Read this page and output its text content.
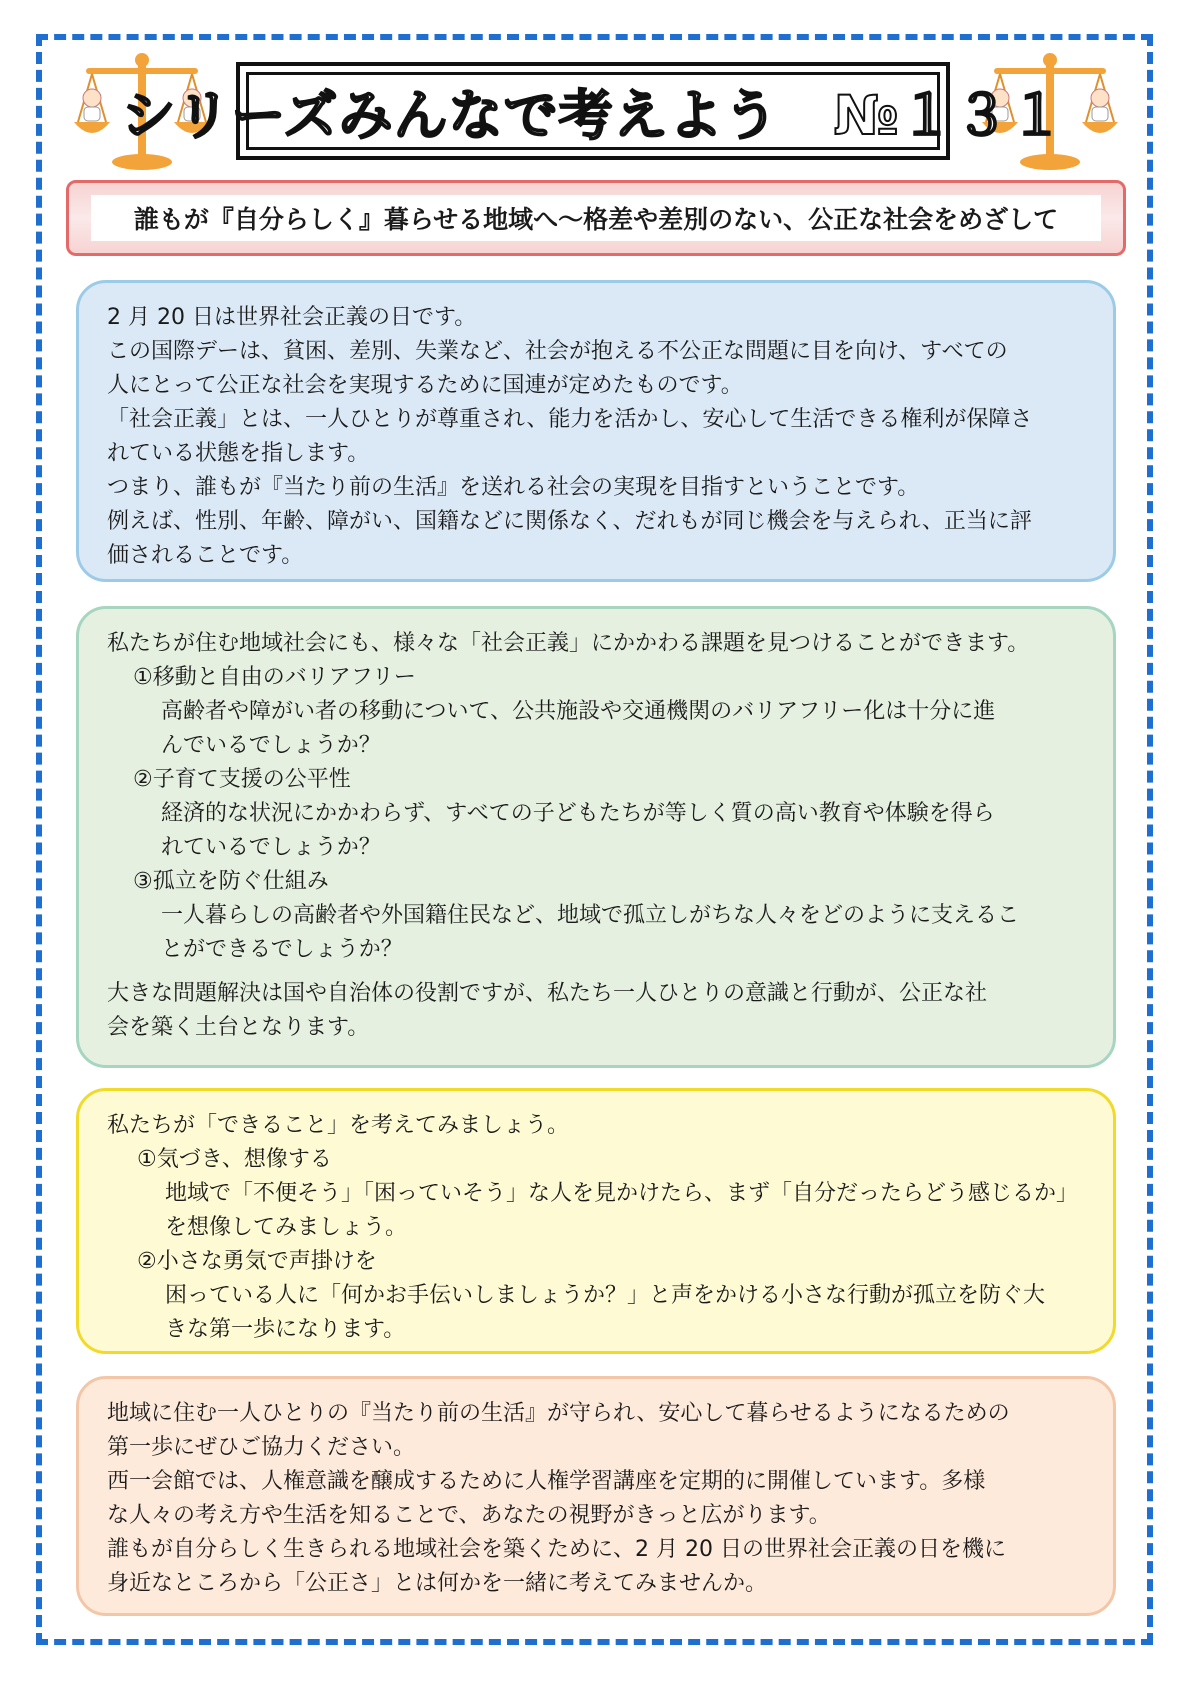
シリーズみんなで考えよう　№１３１
誰もが『自分らしく』暮らせる地域へ～格差や差別のない、公正な社会をめざして

2 月 20 日は世界社会正義の日です。

この国際デーは、貧困、差別、失業など、社会が抱える不公正な問題に目を向け、すべての

人にとって公正な社会を実現するために国連が定めたものです。

「社会正義」とは、一人ひとりが尊重され、能力を活かし、安心して生活できる権利が保障さ

れている状態を指します。

つまり、誰もが『当たり前の生活』を送れる社会の実現を目指すということです。

例えば、性別、年齢、障がい、国籍などに関係なく、だれもが同じ機会を与えられ、正当に評

価されることです。

私たちが住む地域社会にも、様々な「社会正義」にかかわる課題を見つけることができます。

①移動と自由のバリアフリー

高齢者や障がい者の移動について、公共施設や交通機関のバリアフリー化は十分に進

んでいるでしょうか？

②子育て支援の公平性

経済的な状況にかかわらず、すべての子どもたちが等しく質の高い教育や体験を得ら

れているでしょうか？

③孤立を防ぐ仕組み

一人暮らしの高齢者や外国籍住民など、地域で孤立しがちな人々をどのように支えるこ

とができるでしょうか？

大きな問題解決は国や自治体の役割ですが、私たち一人ひとりの意識と行動が、公正な社

会を築く土台となります。

私たちが「できること」を考えてみましょう。

①気づき、想像する

地域で「不便そう」「困っていそう」な人を見かけたら、まず「自分だったらどう感じるか」

を想像してみましょう。

②小さな勇気で声掛けを

困っている人に「何かお手伝いしましょうか？」と声をかける小さな行動が孤立を防ぐ大

きな第一歩になります。

地域に住む一人ひとりの『当たり前の生活』が守られ、安心して暮らせるようになるための

第一歩にぜひご協力ください。

西一会館では、人権意識を醸成するために人権学習講座を定期的に開催しています。多様

な人々の考え方や生活を知ることで、あなたの視野がきっと広がります。

誰もが自分らしく生きられる地域社会を築くために、2 月 20 日の世界社会正義の日を機に

身近なところから「公正さ」とは何かを一緒に考えてみませんか。
